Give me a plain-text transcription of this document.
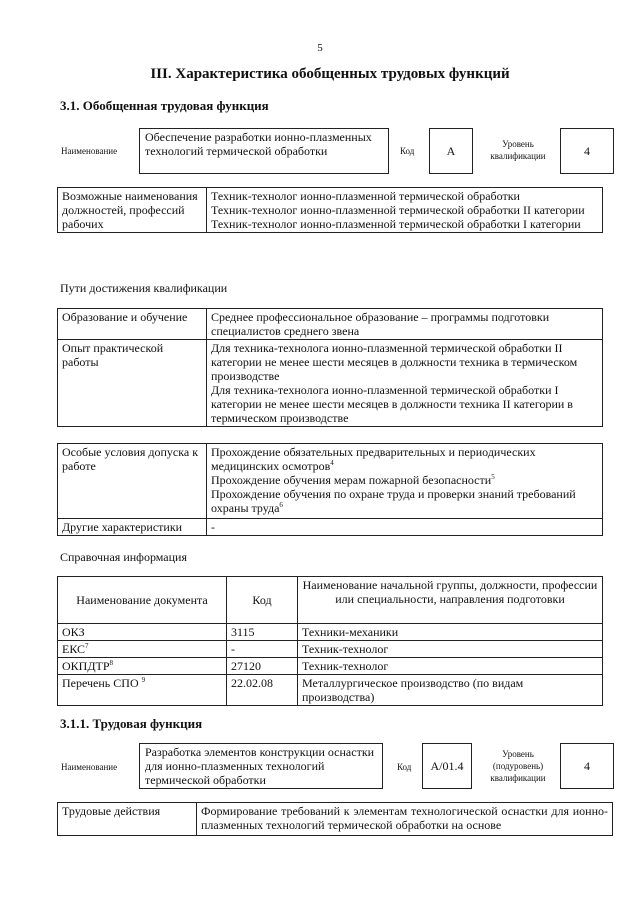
5
III. Характеристика обобщенных трудовых функций
3.1. Обобщенная трудовая функция
Наименование
Обеспечение разработки ионно-плазменных технологий термической обработки	Код	А	Уровень квалификации	4
Возможные наименования должностей, профессий рабочих	
Техник-технолог ионно-плазменной термической обработки
Техник-технолог ионно-плазменной термической обработки II категории
Техник-технолог ионно-плазменной термической обработки I категории
Пути достижения квалификации
Образование и обучение	Среднее профессиональное образование – программы подготовки специалистов среднего звена
Опыт практической работы	Для техника-технолога ионно-плазменной термической обработки II категории не менее шести месяцев в должности техника в термическом производстве
Для техника-технолога ионно-плазменной термической обработки I категории не менее шести месяцев в должности техника II категории в термическом производстве
Особые условия допуска к работе	Прохождение обязательных предварительных и периодических медицинских осмотров$^4$
Прохождение обучения мерам пожарной безопасности$^5$
Прохождение обучения по охране труда и проверки знаний требований охраны труда$^6$

Другие характеристики	-
Справочная информация
Наименование документа	Код	Наименование начальной группы, должности, профессии или специальности, направления подготовки
ОКЗ	3115	Техники-механики
ЕКС$^7$	-	Техник-технолог
ОКПДТР$^8$	27120	Техник-технолог
Перечень СПО $^9$	22.02.08	Металлургическое производство (по видам производства)
3.1.1. Трудовая функция
Наименование
Разработка элементов конструкции оснастки для ионно-плазменных технологий термической обработки
Код	А/01.4
Уровень (подуровень) квалификации
4
Трудовые действия	Формирование требований к элементам технологической оснастки для ионно-плазменных технологий термической обработки на основе
